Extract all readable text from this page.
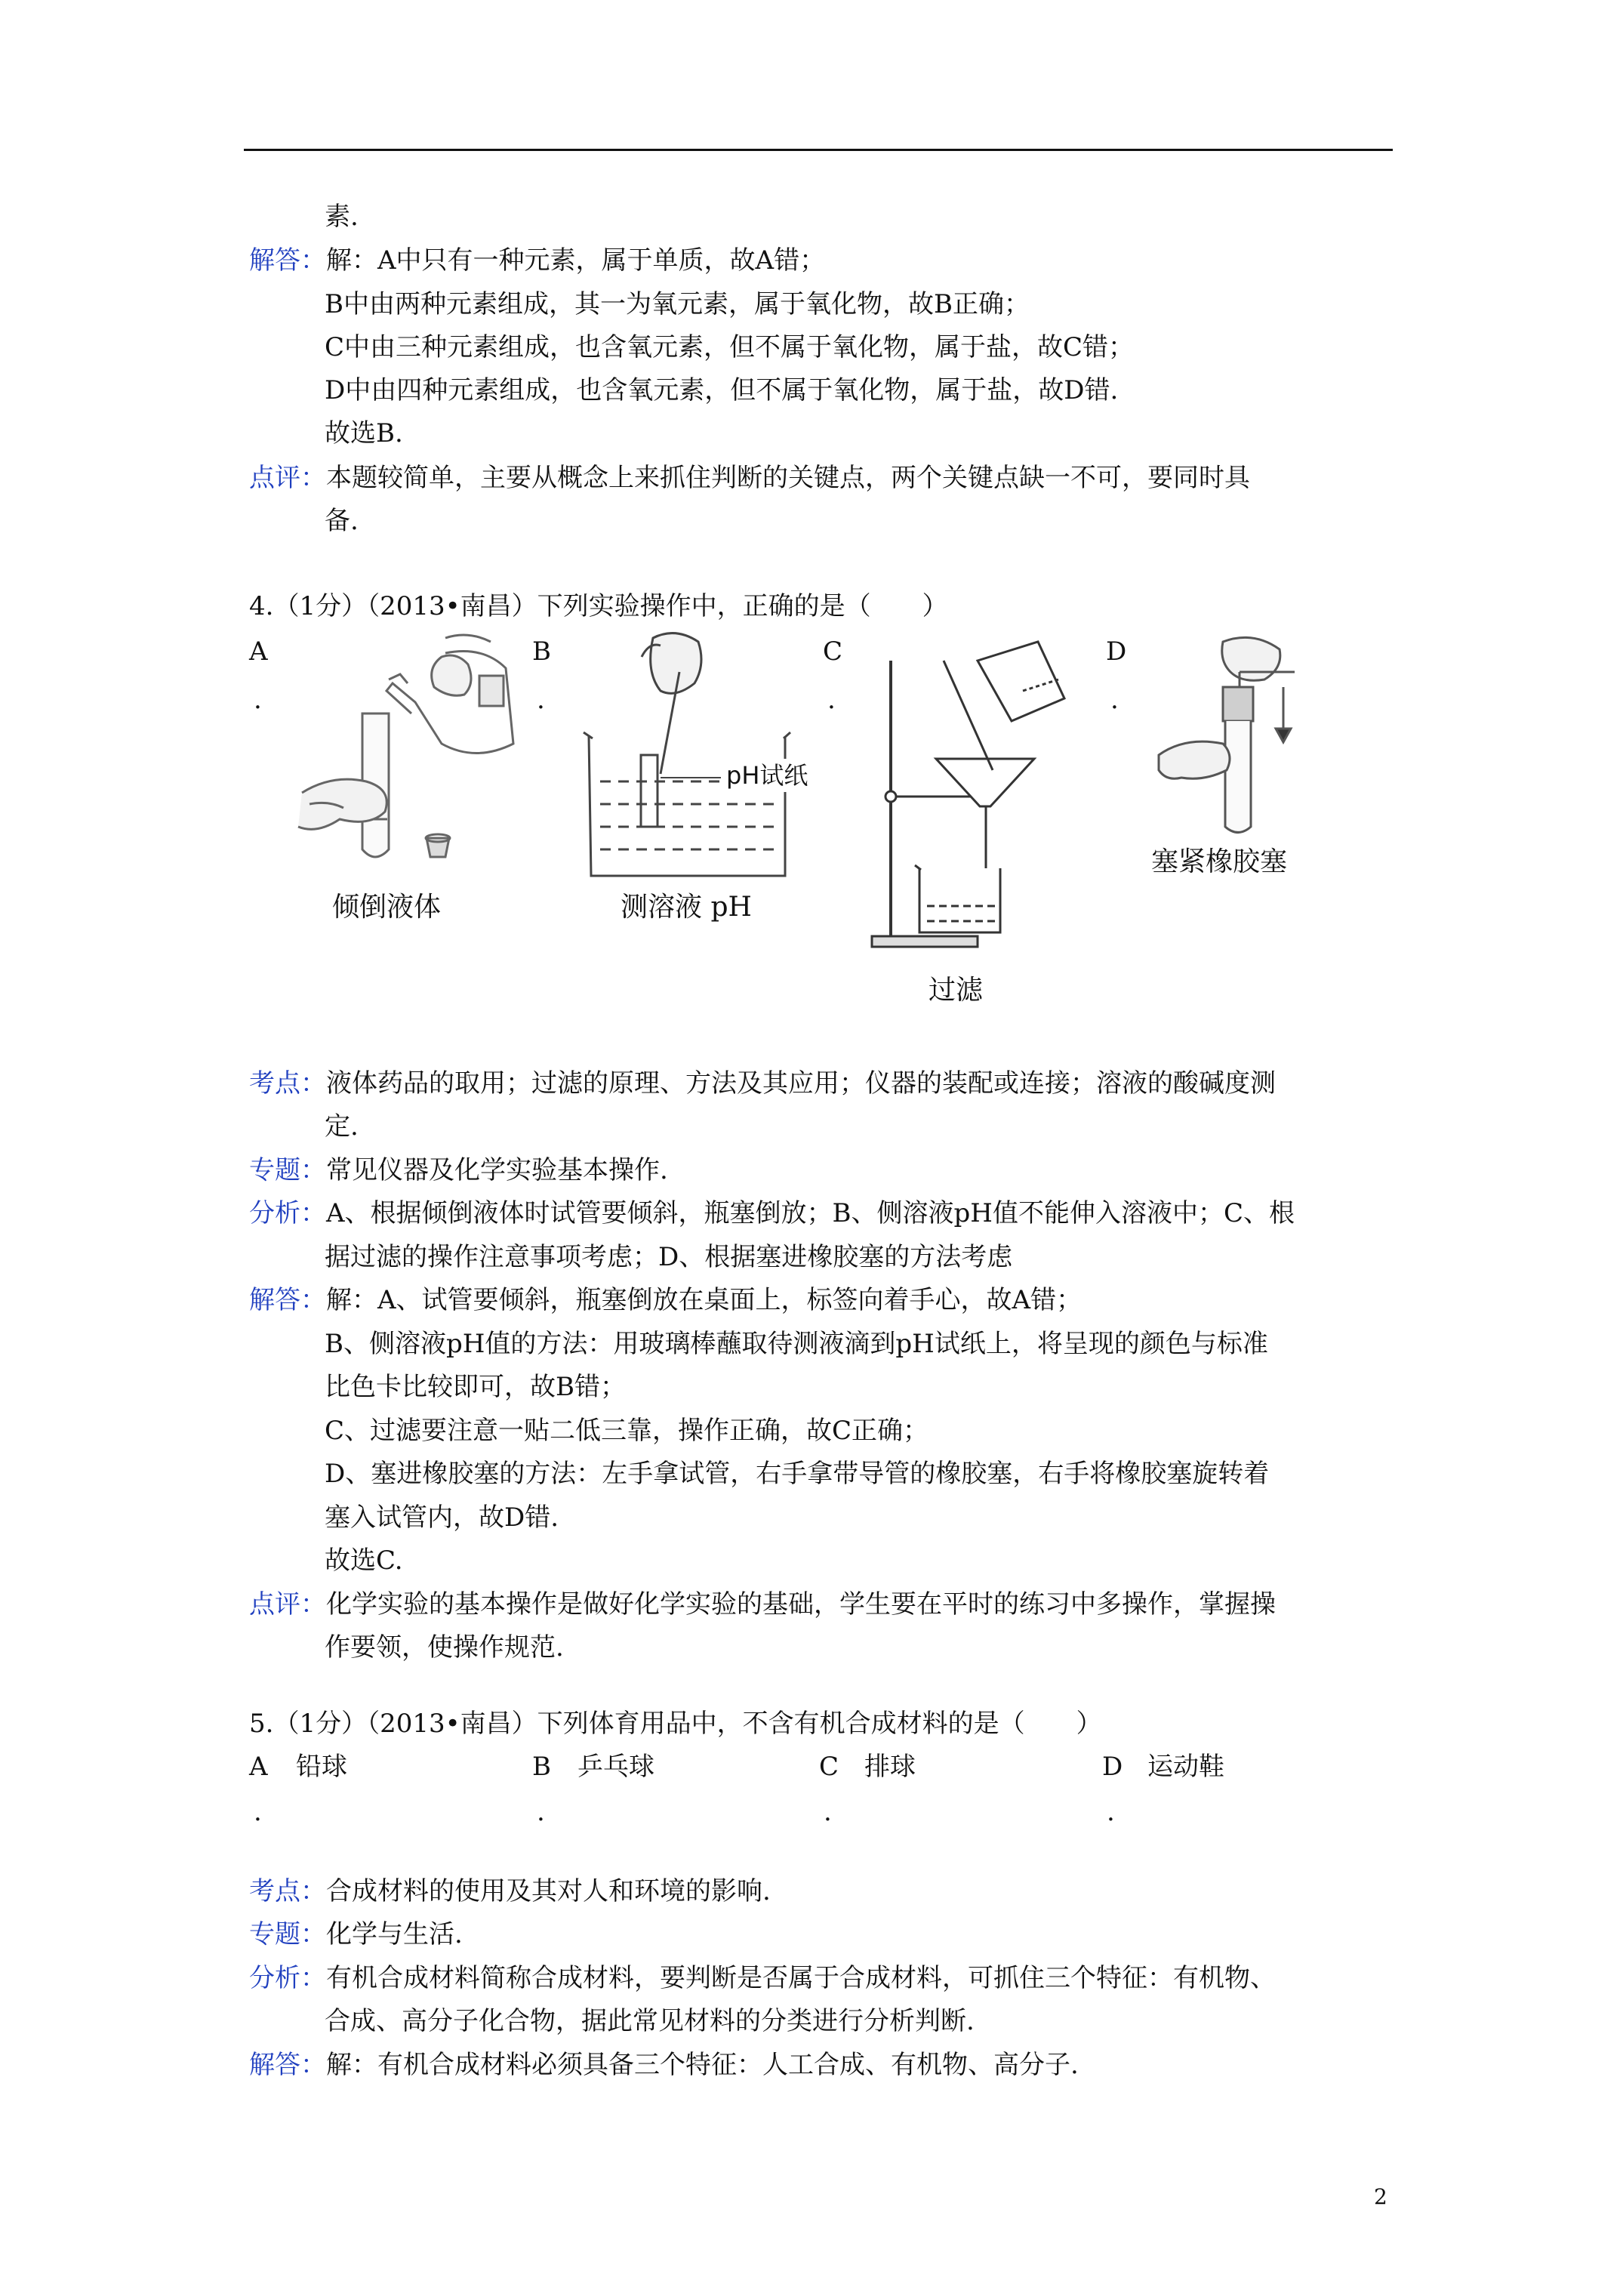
素.
解答：解：A中只有一种元素，属于单质，故A错；
B中由两种元素组成，其一为氧元素，属于氧化物，故B正确；
C中由三种元素组成，也含氧元素，但不属于氧化物，属于盐，故C错；
D中由四种元素组成，也含氧元素，但不属于氧化物，属于盐，故D错.
故选B.
点评：本题较简单，主要从概念上来抓住判断的关键点，两个关键点缺一不可，要同时具
备.
4.（1分）（2013•南昌）下列实验操作中，正确的是（　　）
A
.
B
.
C
.
D
.
倾倒液体
pH试纸
测溶液 pH
过滤
塞紧橡胶塞
考点：液体药品的取用；过滤的原理、方法及其应用；仪器的装配或连接；溶液的酸碱度测
定.
专题：常见仪器及化学实验基本操作.
分析：A、根据倾倒液体时试管要倾斜，瓶塞倒放；B、侧溶液pH值不能伸入溶液中；C、根
据过滤的操作注意事项考虑；D、根据塞进橡胶塞的方法考虑
解答：解：A、试管要倾斜，瓶塞倒放在桌面上，标签向着手心，故A错；
B、侧溶液pH值的方法：用玻璃棒蘸取待测液滴到pH试纸上，将呈现的颜色与标准
比色卡比较即可，故B错；
C、过滤要注意一贴二低三靠，操作正确，故C正确；
D、塞进橡胶塞的方法：左手拿试管，右手拿带导管的橡胶塞，右手将橡胶塞旋转着
塞入试管内，故D错.
故选C.
点评：化学实验的基本操作是做好化学实验的基础，学生要在平时的练习中多操作，掌握操
作要领，使操作规范.
5.（1分）（2013•南昌）下列体育用品中，不含有机合成材料的是（　　）
A 铅球
.
B 乒乓球
.
C 排球
.
D 运动鞋
.
考点：合成材料的使用及其对人和环境的影响.
专题：化学与生活.
分析：有机合成材料简称合成材料，要判断是否属于合成材料，可抓住三个特征：有机物、
合成、高分子化合物，据此常见材料的分类进行分析判断.
解答：解：有机合成材料必须具备三个特征：人工合成、有机物、高分子.
2
